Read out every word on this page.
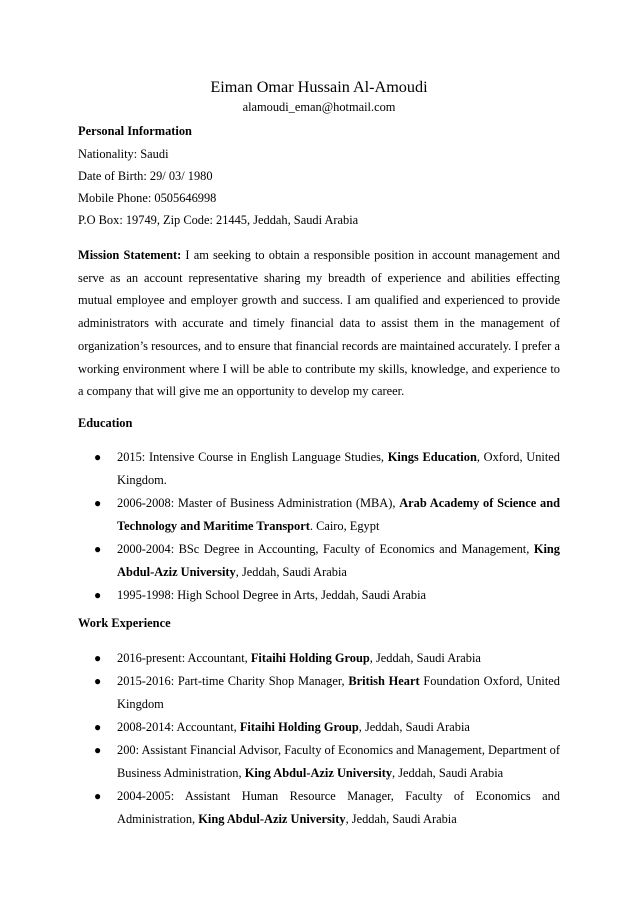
Eiman Omar Hussain Al-Amoudi
alamoudi_eman@hotmail.com
Personal Information
Nationality: Saudi
Date of Birth: 29/ 03/ 1980
Mobile Phone: 0505646998
P.O Box: 19749, Zip Code: 21445, Jeddah, Saudi Arabia
Mission Statement: I am seeking to obtain a responsible position in account management and serve as an account representative sharing my breadth of experience and abilities effecting mutual employee and employer growth and success. I am qualified and experienced to provide administrators with accurate and timely financial data to assist them in the management of organization’s resources, and to ensure that financial records are maintained accurately. I prefer a working environment where I will be able to contribute my skills, knowledge, and experience to a company that will give me an opportunity to develop my career.
Education
● 2015: Intensive Course in English Language Studies, Kings Education, Oxford, United Kingdom.
● 2006-2008: Master of Business Administration (MBA), Arab Academy of Science and Technology and Maritime Transport. Cairo, Egypt
● 2000-2004: BSc Degree in Accounting, Faculty of Economics and Management, King Abdul-Aziz University, Jeddah, Saudi Arabia
● 1995-1998: High School Degree in Arts, Jeddah, Saudi Arabia
Work Experience
● 2016-present: Accountant, Fitaihi Holding Group, Jeddah, Saudi Arabia
● 2015-2016: Part-time Charity Shop Manager, British Heart Foundation Oxford, United Kingdom
● 2008-2014: Accountant, Fitaihi Holding Group, Jeddah, Saudi Arabia
● 200: Assistant Financial Advisor, Faculty of Economics and Management, Department of Business Administration, King Abdul-Aziz University, Jeddah, Saudi Arabia
● 2004-2005: Assistant Human Resource Manager, Faculty of Economics and Administration, King Abdul-Aziz University, Jeddah, Saudi Arabia
